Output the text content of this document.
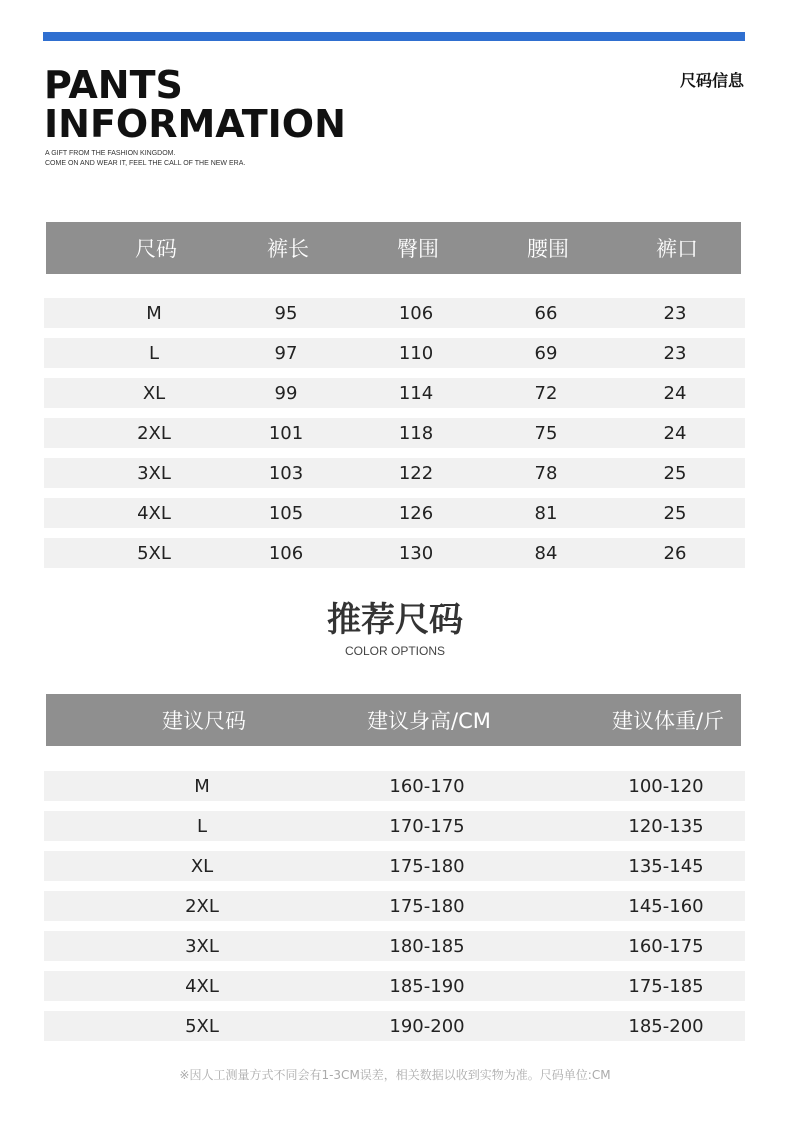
PANTS
INFORMATION
A GIFT FROM THE FASHION KINGDOM.
COME ON AND WEAR IT, FEEL THE CALL OF THE NEW ERA.
尺码信息
尺码	裤长	臀围	腰围	裤口
M	95	106	66	23
L	97	110	69	23
XL	99	114	72	24
2XL	101	118	75	24
3XL	103	122	78	25
4XL	105	126	81	25
5XL	106	130	84	26
推荐尺码
COLOR OPTIONS
建议尺码	建议身高/CM	建议体重/斤
M	160-170	100-120
L	170-175	120-135
XL	175-180	135-145
2XL	175-180	145-160
3XL	180-185	160-175
4XL	185-190	175-185
5XL	190-200	185-200
※因人工测量方式不同会有1-3CM误差，相关数据以收到实物为准。尺码单位:CM
